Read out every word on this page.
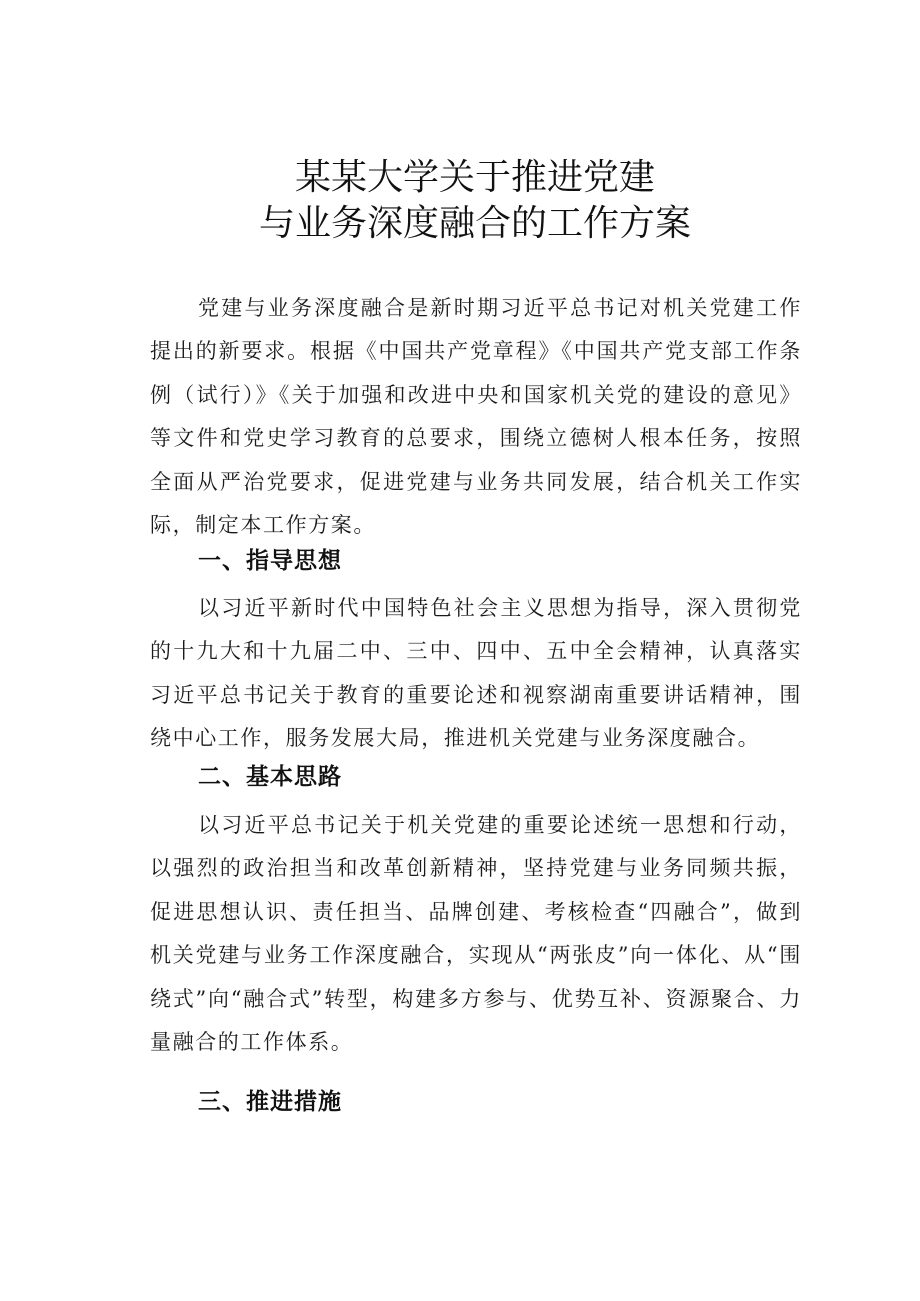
某某大学关于推进党建
与业务深度融合的工作方案

党建与业务深度融合是新时期习近平总书记对机关党建工作提出的新要求。根据《中国共产党章程》《中国共产党支部工作条例（试行）》《关于加强和改进中央和国家机关党的建设的意见》等文件和党史学习教育的总要求，围绕立德树人根本任务，按照全面从严治党要求，促进党建与业务共同发展，结合机关工作实际，制定本工作方案。

一、指导思想

以习近平新时代中国特色社会主义思想为指导，深入贯彻党的十九大和十九届二中、三中、四中、五中全会精神，认真落实习近平总书记关于教育的重要论述和视察湖南重要讲话精神，围绕中心工作，服务发展大局，推进机关党建与业务深度融合。

二、基本思路

以习近平总书记关于机关党建的重要论述统一思想和行动，以强烈的政治担当和改革创新精神，坚持党建与业务同频共振，促进思想认识、责任担当、品牌创建、考核检查“四融合”，做到机关党建与业务工作深度融合，实现从“两张皮”向一体化、从“围绕式”向“融合式”转型，构建多方参与、优势互补、资源聚合、力量融合的工作体系。

三、推进措施
